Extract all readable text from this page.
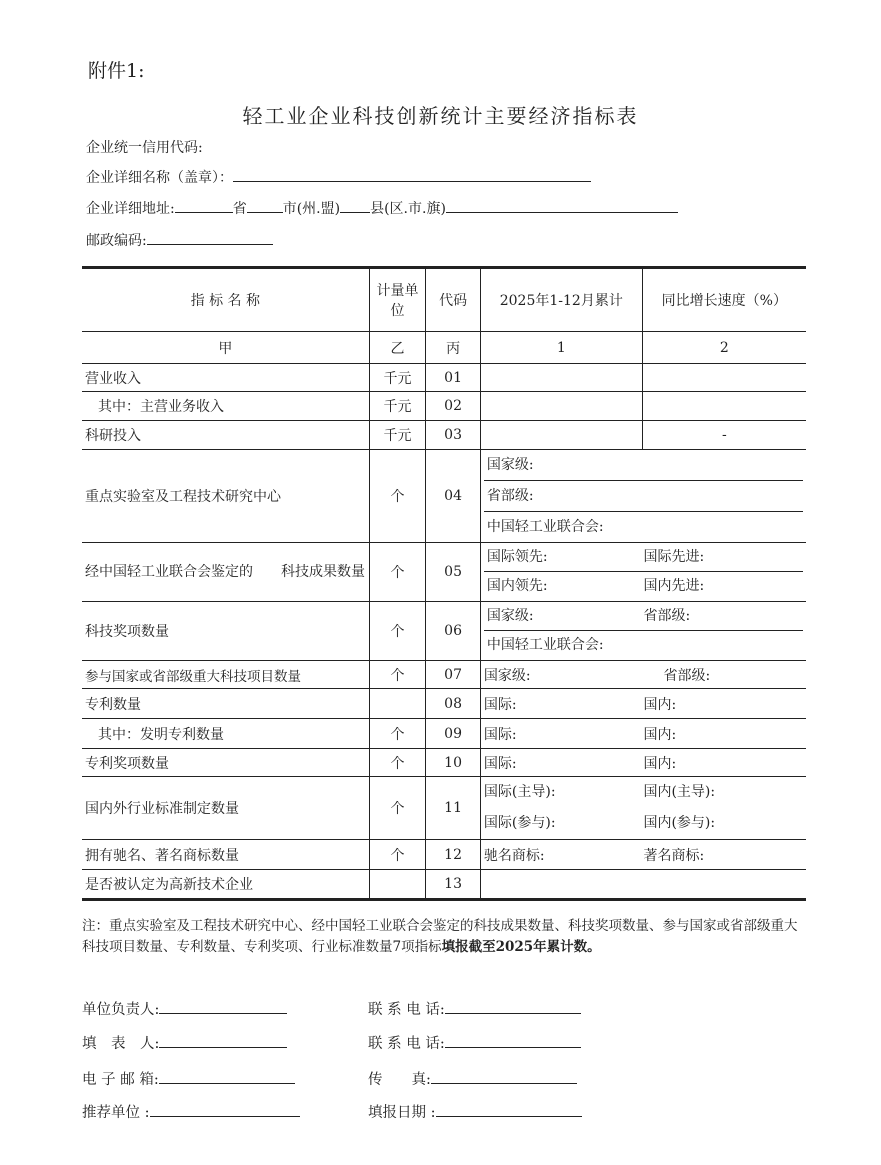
附件1:
轻工业企业科技创新统计主要经济指标表
企业统一信用代码:
企业详细名称（盖章）：
企业详细地址:	省	市(州.盟) 县(区.市.旗)
邮政编码:
指 标 名 称	计量单位	代码	2025年1-12月累计	同比增长速度（%）
甲	乙	丙	1	2
营业收入	千元	01		
其中：主营业务收入	千元	02		
科研投入	千元	03		-
重点实验室及工程技术研究中心	个	04	国家级:
省部级:
中国轻工业联合会:	

经中国轻工业联合会鉴定的　　科技成果数量	个	05	国际领先: 国际先进:
国内领先: 国内先进:	

科技奖项数量	个	06	国家级: 省部级:
中国轻工业联合会:	

参与国家或省部级重大科技项目数量	个	07	国家级: 省部级:	

专利数量		08	国际: 国内:	

其中：发明专利数量	个	09	国际: 国内:	

专利奖项数量	个	10	国际: 国内:	

国内外行业标准制定数量	个	11	国际(主导): 国内(主导):
国际(参与): 国内(参与):	

拥有驰名、著名商标数量	个	12	驰名商标: 著名商标:	

是否被认定为高新技术企业		13		
注：重点实验室及工程技术研究中心、经中国轻工业联合会鉴定的科技成果数量、科技奖项数量、参与国家或省部级重大科技项目数量、专利数量、专利奖项、行业标准数量7项指标填报截至2025年累计数。
单位负责人:	联 系 电 话:
填　表　人:	联 系 电 话:
电 子 邮 箱:	传　　真:
推荐单位 :	填报日期 :
